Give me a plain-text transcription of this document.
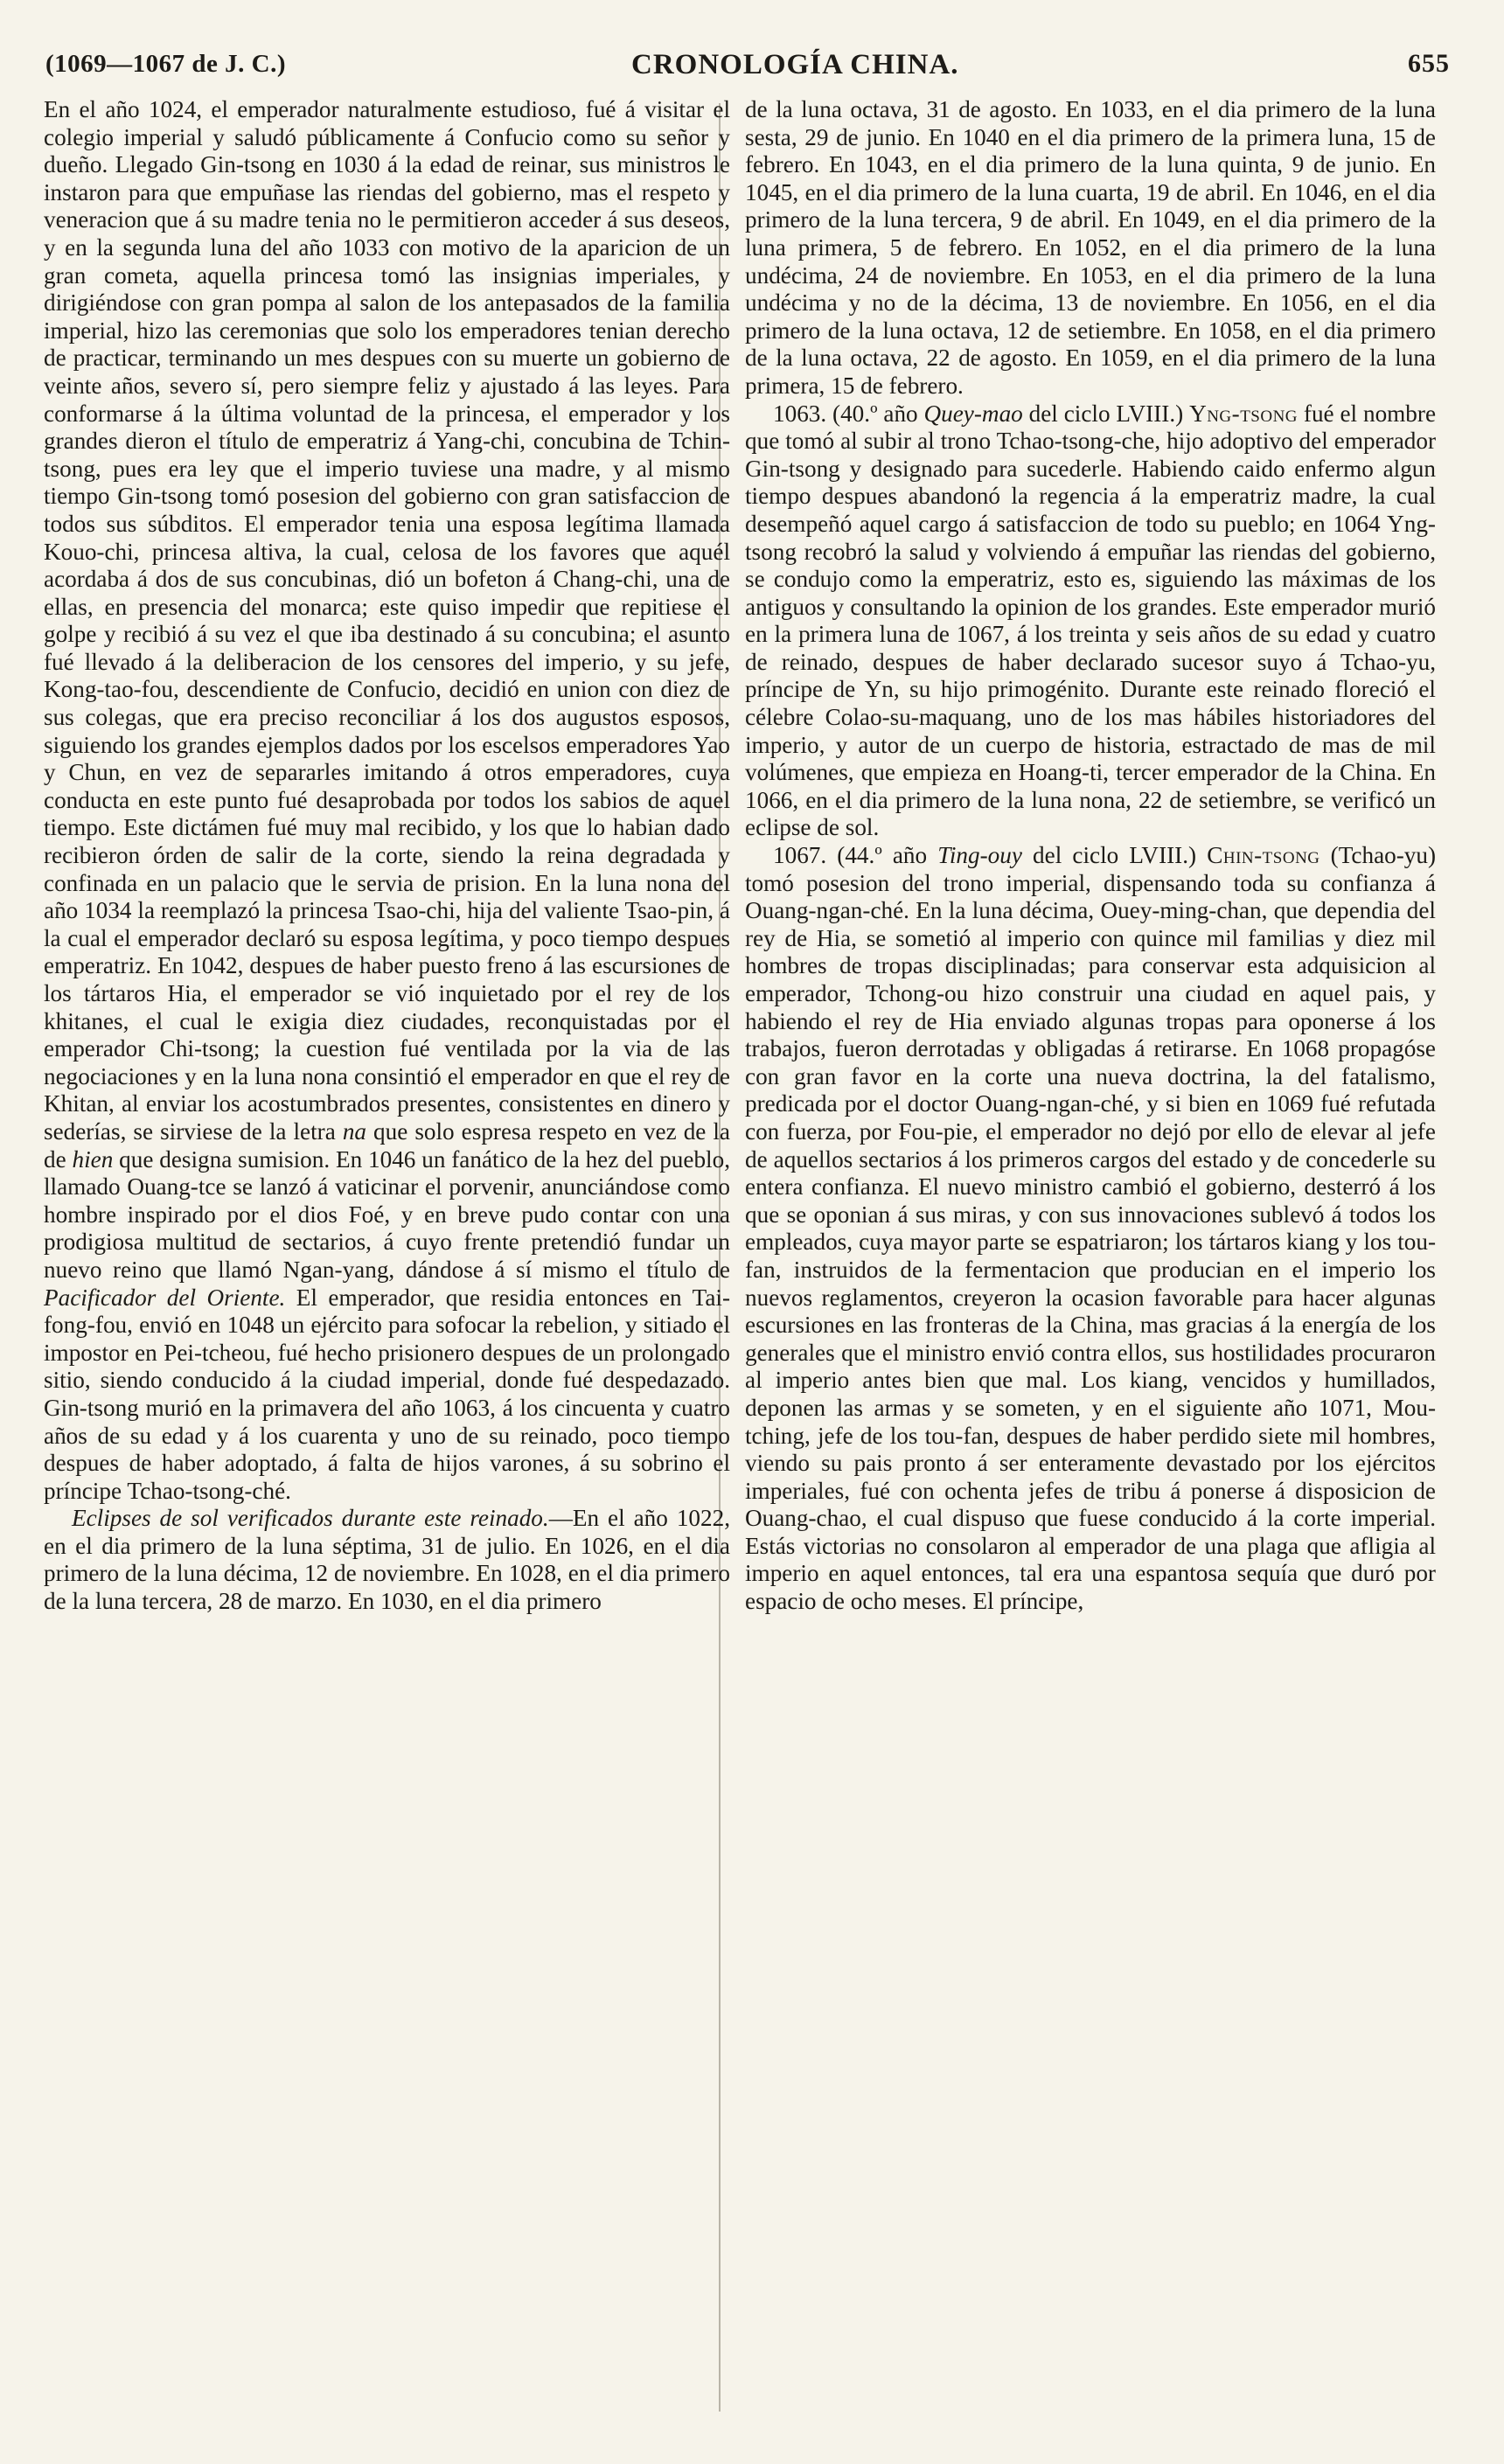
(1069—1067 de J. C.)	CRONOLOGÍA CHINA.	655

En el año 1024, el emperador naturalmente estudioso, fué á visitar el colegio imperial y saludó públicamente á Confucio como su señor y dueño. Llegado Gin-tsong en 1030 á la edad de reinar, sus ministros le instaron para que empuñase las riendas del gobierno, mas el respeto y veneracion que á su madre tenia no le permitieron acceder á sus deseos, y en la segunda luna del año 1033 con motivo de la aparicion de un gran cometa, aquella princesa tomó las insignias imperiales, y dirigiéndose con gran pompa al salon de los antepasados de la familia imperial, hizo las ceremonias que solo los emperadores tenian derecho de practicar, terminando un mes despues con su muerte un gobierno de veinte años, severo sí, pero siempre feliz y ajustado á las leyes. Para conformarse á la última voluntad de la princesa, el emperador y los grandes dieron el título de emperatriz á Yang-chi, concubina de Tchin-tsong, pues era ley que el imperio tuviese una madre, y al mismo tiempo Gin-tsong tomó posesion del gobierno con gran satisfaccion de todos sus súbditos. El emperador tenia una esposa legítima llamada Kouo-chi, princesa altiva, la cual, celosa de los favores que aquél acordaba á dos de sus concubinas, dió un bofeton á Chang-chi, una de ellas, en presencia del monarca; este quiso impedir que repitiese el golpe y recibió á su vez el que iba destinado á su concubina; el asunto fué llevado á la deliberacion de los censores del imperio, y su jefe, Kong-tao-fou, descendiente de Confucio, decidió en union con diez de sus colegas, que era preciso reconciliar á los dos augustos esposos, siguiendo los grandes ejemplos dados por los escelsos emperadores Yao y Chun, en vez de separarles imitando á otros emperadores, cuya conducta en este punto fué desaprobada por todos los sabios de aquel tiempo. Este dictámen fué muy mal recibido, y los que lo habian dado recibieron órden de salir de la corte, siendo la reina degradada y confinada en un palacio que le servia de prision. En la luna nona del año 1034 la reemplazó la princesa Tsao-chi, hija del valiente Tsao-pin, á la cual el emperador declaró su esposa legítima, y poco tiempo despues emperatriz. En 1042, despues de haber puesto freno á las escursiones de los tártaros Hia, el emperador se vió inquietado por el rey de los khitanes, el cual le exigia diez ciudades, reconquistadas por el emperador Chi-tsong; la cuestion fué ventilada por la via de las negociaciones y en la luna nona consintió el emperador en que el rey de Khitan, al enviar los acostumbrados presentes, consistentes en dinero y sederías, se sirviese de la letra na que solo espresa respeto en vez de la de hien que designa sumision. En 1046 un fanático de la hez del pueblo, llamado Ouang-tce se lanzó á vaticinar el porvenir, anunciándose como hombre inspirado por el dios Foé, y en breve pudo contar con una prodigiosa multitud de sectarios, á cuyo frente pretendió fundar un nuevo reino que llamó Ngan-yang, dándose á sí mismo el título de Pacificador del Oriente. El emperador, que residia entonces en Tai-fong-fou, envió en 1048 un ejército para sofocar la rebelion, y sitiado el impostor en Pei-tcheou, fué hecho prisionero despues de un prolongado sitio, siendo conducido á la ciudad imperial, donde fué despedazado. Gin-tsong murió en la primavera del año 1063, á los cincuenta y cuatro años de su edad y á los cuarenta y uno de su reinado, poco tiempo despues de haber adoptado, á falta de hijos varones, á su sobrino el príncipe Tchao-tsong-ché.

Eclipses de sol verificados durante este reinado.—En el año 1022, en el dia primero de la luna séptima, 31 de julio. En 1026, en el dia primero de la luna décima, 12 de noviembre. En 1028, en el dia primero de la luna tercera, 28 de marzo. En 1030, en el dia primero

de la luna octava, 31 de agosto. En 1033, en el dia primero de la luna sesta, 29 de junio. En 1040 en el dia primero de la primera luna, 15 de febrero. En 1043, en el dia primero de la luna quinta, 9 de junio. En 1045, en el dia primero de la luna cuarta, 19 de abril. En 1046, en el dia primero de la luna tercera, 9 de abril. En 1049, en el dia primero de la luna primera, 5 de febrero. En 1052, en el dia primero de la luna undécima, 24 de noviembre. En 1053, en el dia primero de la luna undécima y no de la décima, 13 de noviembre. En 1056, en el dia primero de la luna octava, 12 de setiembre. En 1058, en el dia primero de la luna octava, 22 de agosto. En 1059, en el dia primero de la luna primera, 15 de febrero.

1063. (40.º año Quey-mao del ciclo LVIII.) Yng-tsong fué el nombre que tomó al subir al trono Tchao-tsong-che, hijo adoptivo del emperador Gin-tsong y designado para sucederle. Habiendo caido enfermo algun tiempo despues abandonó la regencia á la emperatriz madre, la cual desempeñó aquel cargo á satisfaccion de todo su pueblo; en 1064 Yng-tsong recobró la salud y volviendo á empuñar las riendas del gobierno, se condujo como la emperatriz, esto es, siguiendo las máximas de los antiguos y consultando la opinion de los grandes. Este emperador murió en la primera luna de 1067, á los treinta y seis años de su edad y cuatro de reinado, despues de haber declarado sucesor suyo á Tchao-yu, príncipe de Yn, su hijo primogénito. Durante este reinado floreció el célebre Colao-su-maquang, uno de los mas hábiles historiadores del imperio, y autor de un cuerpo de historia, estractado de mas de mil volúmenes, que empieza en Hoang-ti, tercer emperador de la China. En 1066, en el dia primero de la luna nona, 22 de setiembre, se verificó un eclipse de sol.

1067. (44.º año Ting-ouy del ciclo LVIII.) Chin-tsong (Tchao-yu) tomó posesion del trono imperial, dispensando toda su confianza á Ouang-ngan-ché. En la luna décima, Ouey-ming-chan, que dependia del rey de Hia, se sometió al imperio con quince mil familias y diez mil hombres de tropas disciplinadas; para conservar esta adquisicion al emperador, Tchong-ou hizo construir una ciudad en aquel pais, y habiendo el rey de Hia enviado algunas tropas para oponerse á los trabajos, fueron derrotadas y obligadas á retirarse. En 1068 propagóse con gran favor en la corte una nueva doctrina, la del fatalismo, predicada por el doctor Ouang-ngan-ché, y si bien en 1069 fué refutada con fuerza, por Fou-pie, el emperador no dejó por ello de elevar al jefe de aquellos sectarios á los primeros cargos del estado y de concederle su entera confianza. El nuevo ministro cambió el gobierno, desterró á los que se oponian á sus miras, y con sus innovaciones sublevó á todos los empleados, cuya mayor parte se espatriaron; los tártaros kiang y los tou-fan, instruidos de la fermentacion que producian en el imperio los nuevos reglamentos, creyeron la ocasion favorable para hacer algunas escursiones en las fronteras de la China, mas gracias á la energía de los generales que el ministro envió contra ellos, sus hostilidades procuraron al imperio antes bien que mal. Los kiang, vencidos y humillados, deponen las armas y se someten, y en el siguiente año 1071, Mou-tching, jefe de los tou-fan, despues de haber perdido siete mil hombres, viendo su pais pronto á ser enteramente devastado por los ejércitos imperiales, fué con ochenta jefes de tribu á ponerse á disposicion de Ouang-chao, el cual dispuso que fuese conducido á la corte imperial. Estás victorias no consolaron al emperador de una plaga que afligia al imperio en aquel entonces, tal era una espantosa sequía que duró por espacio de ocho meses. El príncipe,
